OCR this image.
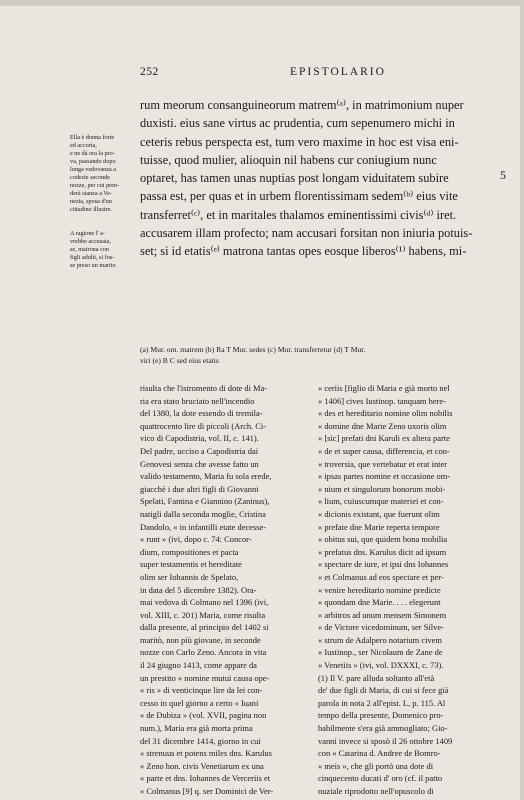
252	EPISTOLARIO
Ella è donna forte
ed accorta,
e ne dà ora la pro-
va, passando dopo
lunga vedovanza a
codeste seconde
nozze, per cui pren-
derà stanza a Ve-
nezia, sposa d'un
cittadino illustre.
A ragione l' a-
vrebbe accusata,
se, matrona con
figli adulti, si fos-
se preso un marito
rum meorum consanguineorum matrem⁽ᵃ⁾, in matrimonium nuper
duxisti. eius sane virtus ac prudentia, cum sepenumero michi in
ceteris rebus perspecta est, tum vero maxime in hoc est visa eni-
tuisse, quod mulier, alioquin nil habens cur coniugium nunc
optaret, has tamen unas nuptias post longam viduitatem subire
passa est, per quas et in urbem florentissimam sedem⁽ᵇ⁾ eius vite
transferret⁽ᶜ⁾, et in maritales thalamos eminentissimi civis⁽ᵈ⁾ iret.
accusarem illam profecto; nam accusari forsitan non iniuria potuis-
set; si id etatis⁽ᵉ⁾ matrona tantas opes eosque liberos⁽¹⁾ habens, mi-
5
(a) Mur. om. matrem (b) Ra T Mur. sedes (c) Mur. transferretur (d) T Mur.
viri (e) B C sed eius etatis
risulta che l'istromento di dote di Ma-
ria era stato bruciato nell'incendio
del 1380, la dote essendo di tremila-
quattrocento lire di piccoli (Arch. Ci-
vico di Capodistria, vol. II, c. 141).
Del padre, ucciso a Capodistria dai
Genovesi senza che avesse fatto un
valido testamento, Maria fu sola erede,
giacchè i due altri figli di Giovanni
Spelati, Fantina e Giannino (Zaninus),
natigli dalla seconda moglie, Cristina
Dandolo, « in infantilli etate decesse-
« runt » (ivi, dopo c. 74: Concor-
dium, compositiones et pacta
super testamentis et hereditate
olim ser Iohannis de Spelato,
in data del 5 dicembre 1382). Ora-
mai vedova di Colmano nel 1396 (ivi,
vol. XIII, c. 201) Maria, come risulta
dalla presente, al principio del 1402 si
maritò, non più giovane, in seconde
nozze con Carlo Zeno. Ancora in vita
il 24 giugno 1413, come appare da
un prestito « nomine mutui causa ope-
« ris » di venticinque lire da lei con-
cesso in quel giorno a certo « Iuani
« de Dubiza » (vol. XVII, pagina non
num.), Maria era già morta prima
del 31 dicembre 1414, giorno in cui
« strenuus et potens miles dns. Karulus
« Zeno hon. civis Venetiarum ex una
« parte et dns. Iohannes de Verceriis et
« Colmanus [9] q. ser Dominici de Ver-
« ceriis [figlio di Maria e già morto nel
« 1406] cives Iustinop. tanquam here-
« des et hereditario nomine olim nobilis
« domine dne Marie Zeno uxoris olim
« [sic] prefati dni Karuli ex altera parte
« de et super causa, differencia, et con-
« troversia, que vertebatur et erat inter
« ipsas partes nomine et occasione om-
« nium et singulorum bonorum mobi-
« lium, cuiuscumque materiei et con-
« dicionis existant, que fuerunt olim
« prefate dne Marie reperta tempore
« obitus sui, que quidem bona mobilia
« prefatus dns. Karulus dicit ad ipsum
« spectare de iure, et ipsi dns Iohannes
« et Colmanus ad eos spectare et per-
« venire hereditario nomine predicte
« quondam dne Marie. . . . elegerunt
« arbitros ad unum mensem Simonem
« de Victore vicedominum, ser Silve-
« strum de Adalpero notarium civem
« Iustinop., ser Nicolaum de Zane de
« Venetiis » (ivi, vol. DXXXI, c. 73).
(1) Il V. pare alluda soltanto all'età
de' due figli di Maria, di cui si fece già
parola in nota 2 all'epist. L, p. 115. Al
tempo della presente, Domenico pro-
babilmente s'era già ammogliato; Gio-
vanni invece si sposò il 26 ottobre 1409
con « Catarina d. Andree de Bomro-
« meis », che gli portò una dote di
cinquecento ducati d' oro (cf. il patto
nuziale riprodotto nell'opuscolo di
